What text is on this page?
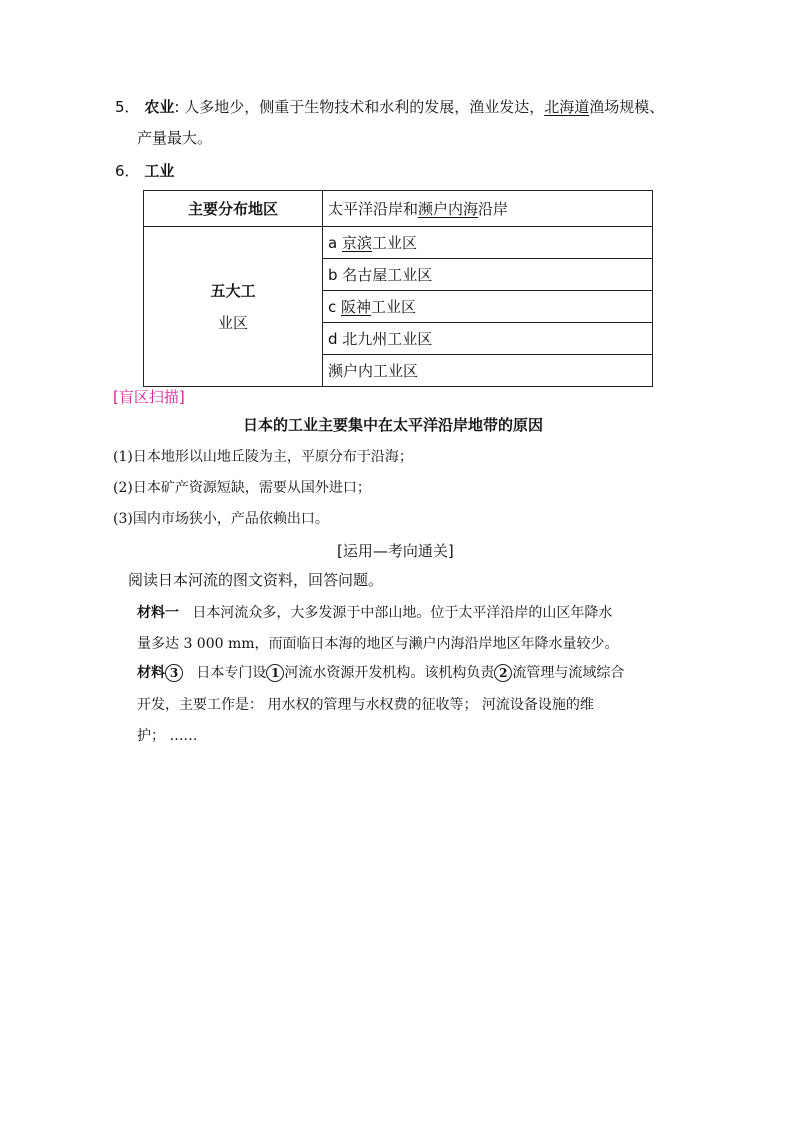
5． 农业: 人多地少，侧重于生物技术和水利的发展，渔业发达，北海道渔场规模、
产量最大。
6． 工业
主要分布地区	太平洋沿岸和濒户内海沿岸

五大工
业区	a 京滨工业区
	b 名古屋工业区
	c 阪神工业区
	d 北九州工业区
	濒户内工业区
[盲区扫描]
日本的工业主要集中在太平洋沿岸地带的原因
(1)日本地形以山地丘陵为主，平原分布于沿海；
(2)日本矿产资源短缺，需要从国外进口；
(3)国内市场狭小，产品依赖出口。
[运用—考向通关]
阅读日本河流的图文资料，回答问题。
材料一 日本河流众多，大多发源于中部山地。位于太平洋沿岸的山区年降水
量多达 3 000 mm，而面临日本海的地区与濑户内海沿岸地区年降水量较少。
材料 3 日本专门设 1 河流水资源开发机构。该机构负责 2 流管理与流域综合
开发，主要工作是： 用水权的管理与水权费的征收等； 河流设备设施的维
护； ……
